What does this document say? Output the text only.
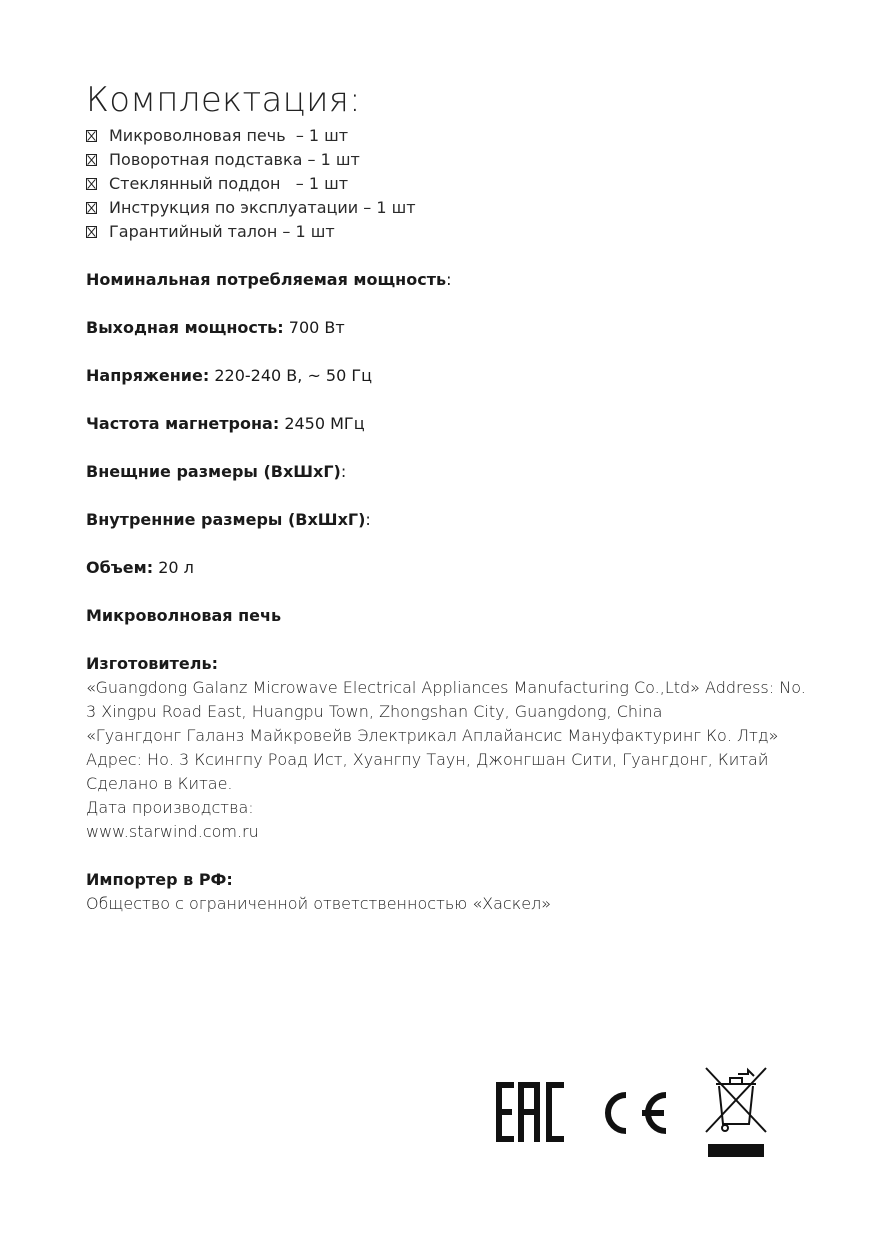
Комплектация:
Микроволновая печь  – 1 шт
Поворотная подставка – 1 шт
Стеклянный поддон   – 1 шт
Инструкция по эксплуатации – 1 шт
Гарантийный талон – 1 шт

Номинальная потребляемая мощность:

Выходная мощность: 700 Вт

Напряжение: 220-240 В, ~ 50 Гц

Частота магнетрона: 2450 МГц

Внещние размеры (ВхШхГ):

Внутренние размеры (ВхШхГ):

Объем: 20 л

Микроволновая печь

Изготовитель:

«Guangdong Galanz Microwave Electrical Appliances Manufacturing Co.,Ltd» Address: No.

3 Xingpu Road East, Huangpu Town, Zhongshan City, Guangdong, China

«Гуангдонг Галанз Майкровейв Электрикал Аплайансис Мануфактуринг Ко. Лтд»

Адрес: Но. 3 Ксингпу Роад Ист, Хуангпу Таун, Джонгшан Сити, Гуангдонг, Китай

Сделано в Китае.

Дата производства:

www.starwind.com.ru

Импортер в РФ:

Общество с ограниченной ответственностью «Хаскел»
